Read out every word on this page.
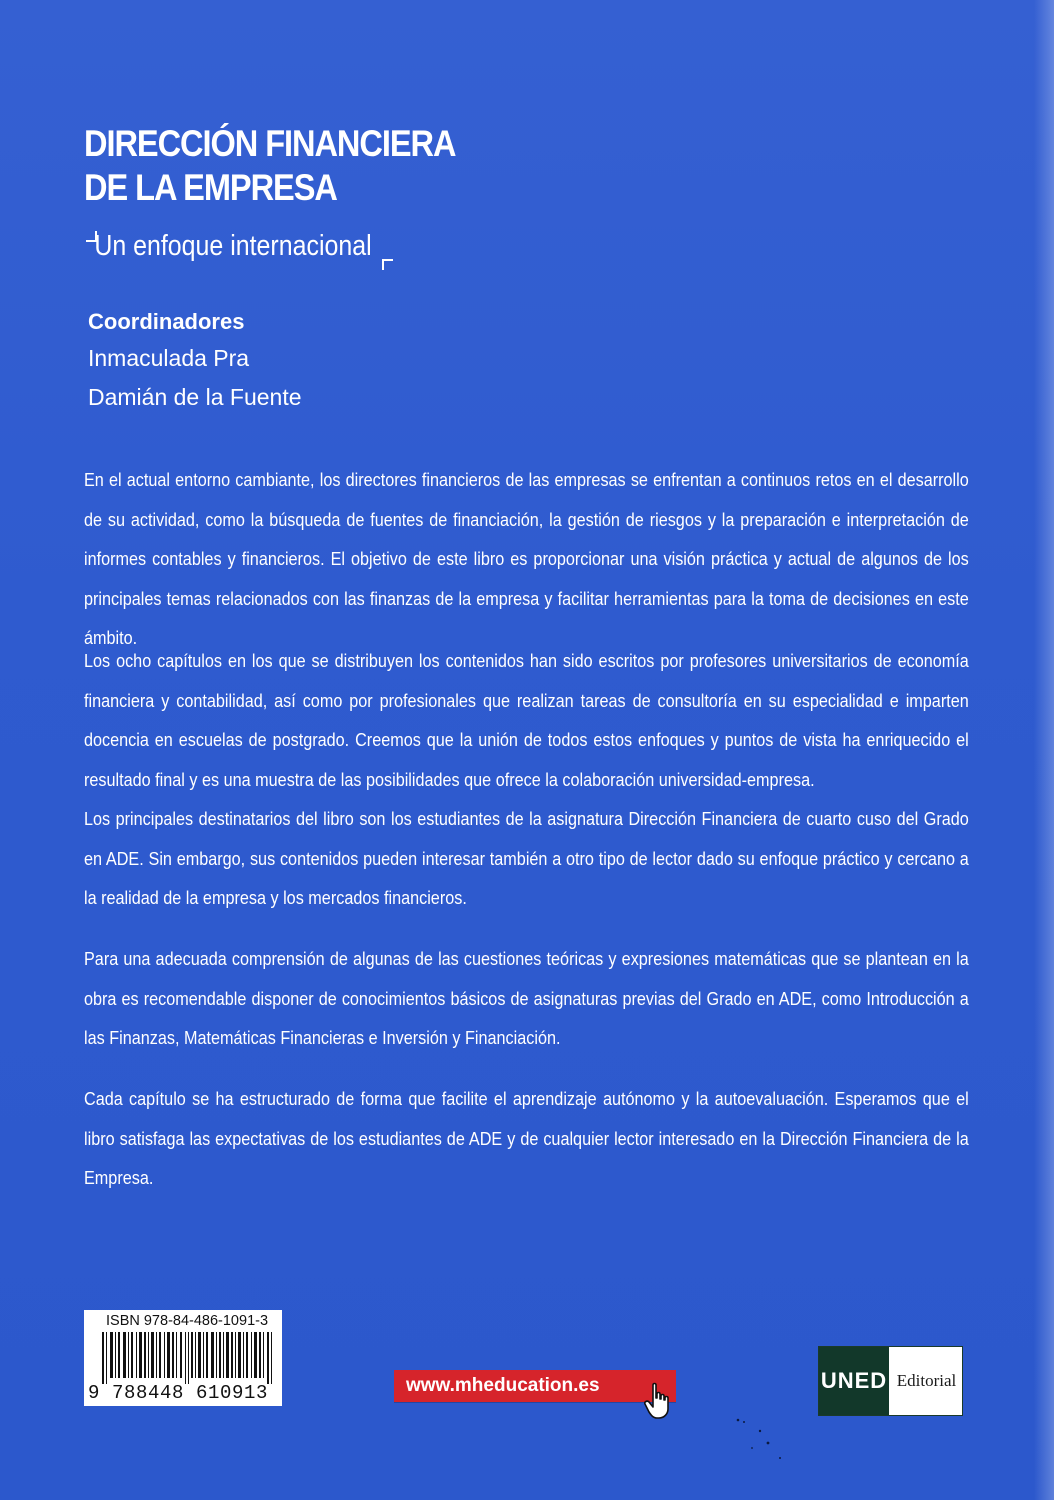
DIRECCIÓN FINANCIERA
DE LA EMPRESA
Un enfoque internacional
Coordinadores
Inmaculada Pra
Damián de la Fuente

En el actual entorno cambiante, los directores financieros de las empresas se enfrentan a continuos retos en el desarrollo de su actividad, como la búsqueda de fuentes de financiación, la gestión de riesgos y la preparación e interpretación de informes contables y financieros. El objetivo de este libro es proporcionar una visión práctica y actual de algunos de los principales temas relacionados con las finanzas de la empresa y facilitar herramientas para la toma de decisiones en este ámbito.

Los ocho capítulos en los que se distribuyen los contenidos han sido escritos por profesores universitarios de economía financiera y contabilidad, así como por profesionales que realizan tareas de consultoría en su especialidad e imparten docencia en escuelas de postgrado. Creemos que la unión de todos estos enfoques y puntos de vista ha enriquecido el resultado final y es una muestra de las posibilidades que ofrece la colaboración universidad-empresa.

Los principales destinatarios del libro son los estudiantes de la asignatura Dirección Financiera de cuarto cuso del Grado en ADE. Sin embargo, sus contenidos pueden interesar también a otro tipo de lector dado su enfoque práctico y cercano a la realidad de la empresa y los mercados financieros.

Para una adecuada comprensión de algunas de las cuestiones teóricas y expresiones matemáticas que se plantean en la obra es recomendable disponer de conocimientos básicos de asignaturas previas del Grado en ADE, como Introducción a las Finanzas, Matemáticas Financieras e Inversión y Financiación.

Cada capítulo se ha estructurado de forma que facilite el aprendizaje autónomo y la autoevaluación. Esperamos que el libro satisfaga las expectativas de los estudiantes de ADE y de cualquier lector interesado en la Dirección Financiera de la Empresa.

ISBN 978-84-486-1091-3
9 788448 610913	www.mheducation.es	UNED Editorial
